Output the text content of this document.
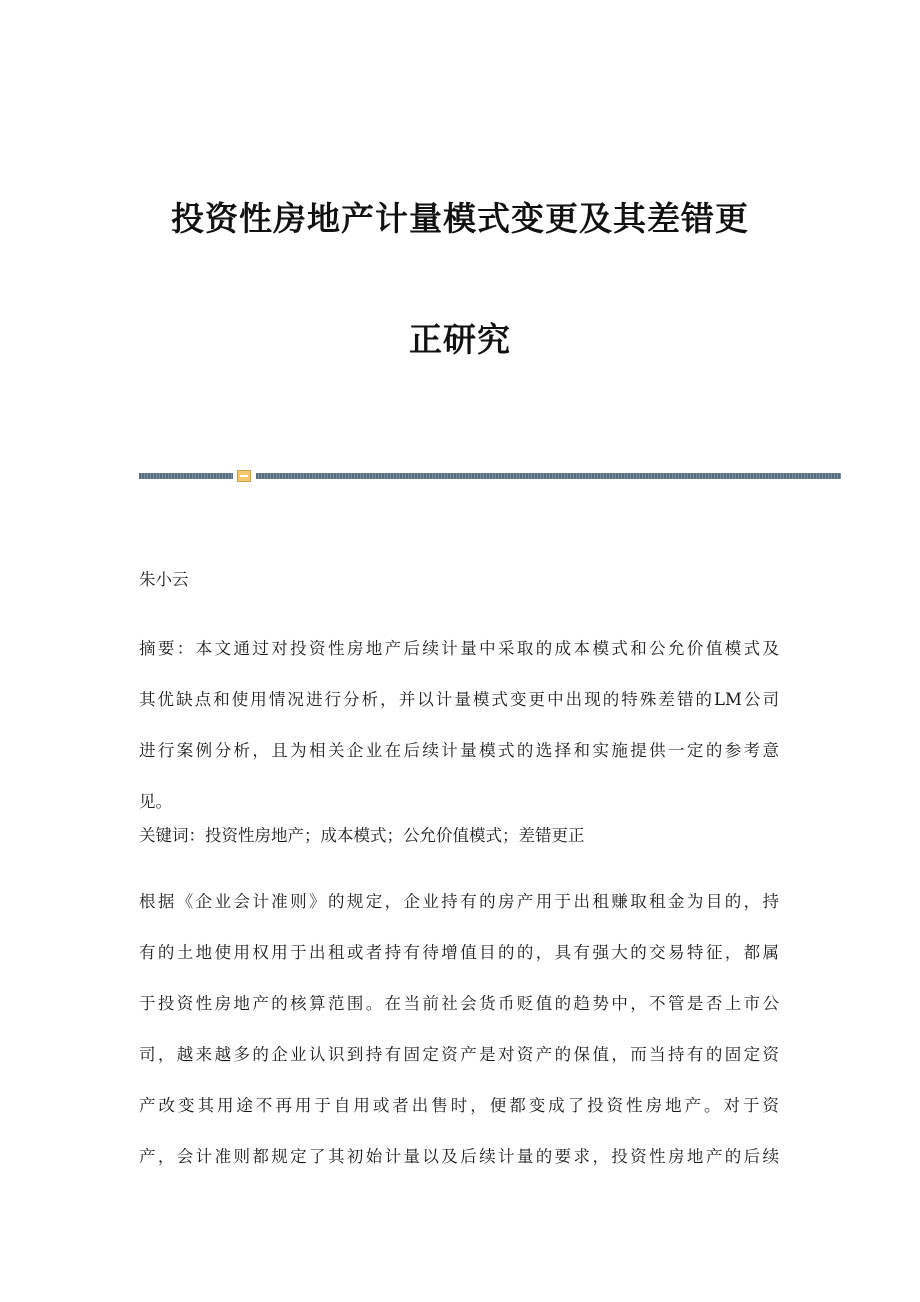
投资性房地产计量模式变更及其差错更
正研究
朱小云
摘要：本文通过对投资性房地产后续计量中采取的成本模式和公允价值模式及
其优缺点和使用情况进行分析，并以计量模式变更中出现的特殊差错的LM公司
进行案例分析，且为相关企业在后续计量模式的选择和实施提供一定的参考意
见。
关键词：投资性房地产；成本模式；公允价值模式；差错更正
根据《企业会计准则》的规定，企业持有的房产用于出租赚取租金为目的，持
有的土地使用权用于出租或者持有待增值目的的，具有强大的交易特征，都属
于投资性房地产的核算范围。在当前社会货币贬值的趋势中，不管是否上市公
司，越来越多的企业认识到持有固定资产是对资产的保值，而当持有的固定资
产改变其用途不再用于自用或者出售时，便都变成了投资性房地产。对于资
产，会计准则都规定了其初始计量以及后续计量的要求，投资性房地产的后续
